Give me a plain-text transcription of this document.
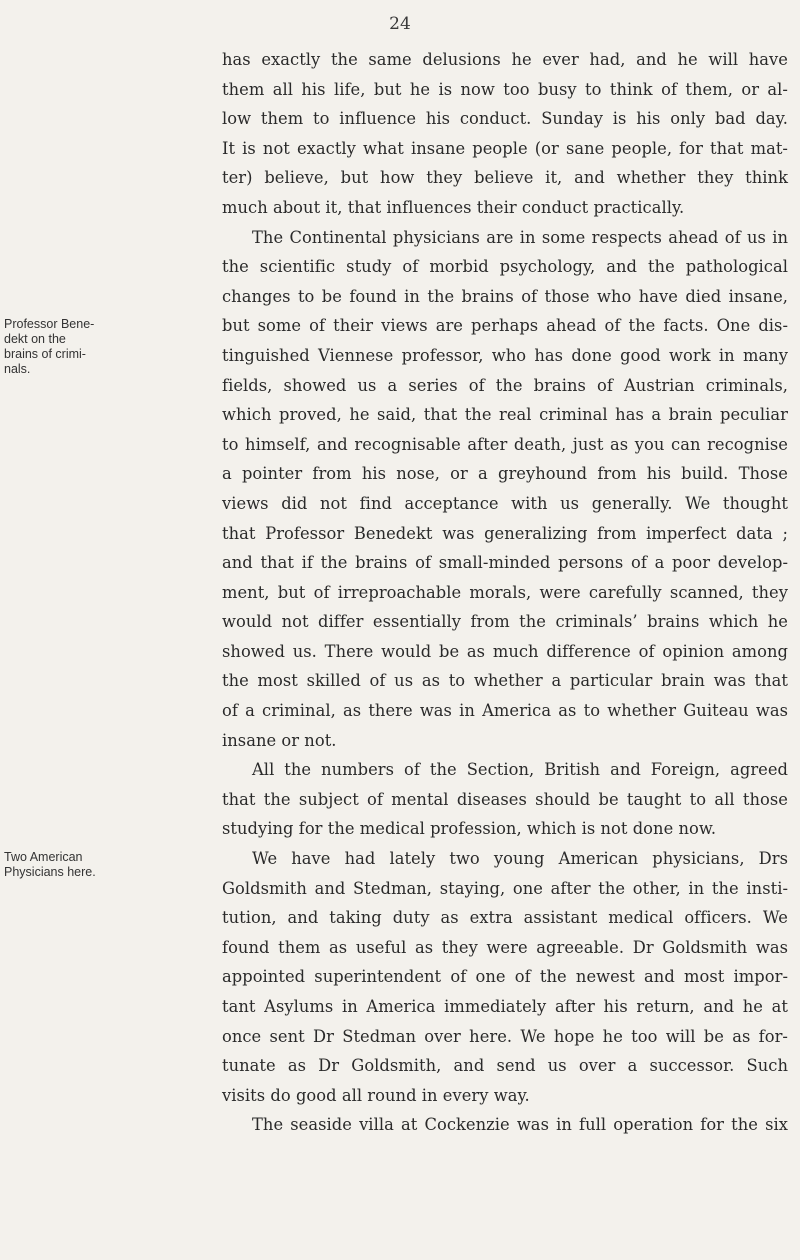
24
Professor Bene-
dekt on the
brains of crimi-
nals.
Two American
Physicians here.
has exactly the same delusions he ever had, and he will have
them all his life, but he is now too busy to think of them, or al-
low them to influence his conduct. Sunday is his only bad day.
It is not exactly what insane people (or sane people, for that mat-
ter) believe, but how they believe it, and whether they think
much about it, that influences their conduct practically.
The Continental physicians are in some respects ahead of us in
the scientific study of morbid psychology, and the pathological
changes to be found in the brains of those who have died insane,
but some of their views are perhaps ahead of the facts. One dis-
tinguished Viennese professor, who has done good work in many
fields, showed us a series of the brains of Austrian criminals,
which proved, he said, that the real criminal has a brain peculiar
to himself, and recognisable after death, just as you can recognise
a pointer from his nose, or a greyhound from his build. Those
views did not find acceptance with us generally. We thought
that Professor Benedekt was generalizing from imperfect data ;
and that if the brains of small-minded persons of a poor develop-
ment, but of irreproachable morals, were carefully scanned, they
would not differ essentially from the criminals’ brains which he
showed us. There would be as much difference of opinion among
the most skilled of us as to whether a particular brain was that
of a criminal, as there was in America as to whether Guiteau was
insane or not.
All the numbers of the Section, British and Foreign, agreed
that the subject of mental diseases should be taught to all those
studying for the medical profession, which is not done now.
We have had lately two young American physicians, Drs
Goldsmith and Stedman, staying, one after the other, in the insti-
tution, and taking duty as extra assistant medical officers. We
found them as useful as they were agreeable. Dr Goldsmith was
appointed superintendent of one of the newest and most impor-
tant Asylums in America immediately after his return, and he at
once sent Dr Stedman over here. We hope he too will be as for-
tunate as Dr Goldsmith, and send us over a successor. Such
visits do good all round in every way.
The seaside villa at Cockenzie was in full operation for the six
